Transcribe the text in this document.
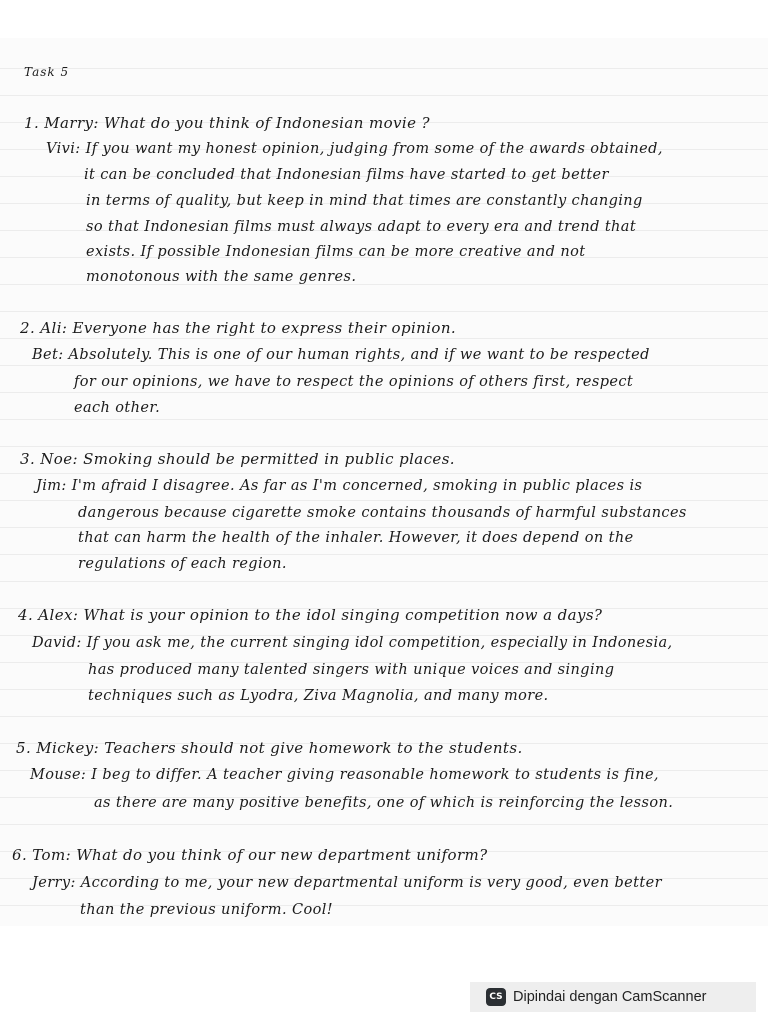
Task 5
1. Marry: What do you think of Indonesian movie ?
Vivi: If you want my honest opinion, judging from some of the awards obtained,
it can be concluded that Indonesian films have started to get better
in terms of quality, but keep in mind that times are constantly changing
so that Indonesian films must always adapt to every era and trend that
exists. If possible Indonesian films can be more creative and not
monotonous with the same genres.
2. Ali: Everyone has the right to express their opinion.
Bet: Absolutely. This is one of our human rights, and if we want to be respected
for our opinions, we have to respect the opinions of others first, respect
each other.
3. Noe: Smoking should be permitted in public places.
Jim: I'm afraid I disagree. As far as I'm concerned, smoking in public places is
dangerous because cigarette smoke contains thousands of harmful substances
that can harm the health of the inhaler. However, it does depend on the
regulations of each region.
4. Alex: What is your opinion to the idol singing competition now a days?
David: If you ask me, the current singing idol competition, especially in Indonesia,
has produced many talented singers with unique voices and singing
techniques such as Lyodra, Ziva Magnolia, and many more.
5. Mickey: Teachers should not give homework to the students.
Mouse: I beg to differ. A teacher giving reasonable homework to students is fine,
as there are many positive benefits, one of which is reinforcing the lesson.
6. Tom: What do you think of our new department uniform?
Jerry: According to me, your new departmental uniform is very good, even better
than the previous uniform. Cool!
CS Dipindai dengan CamScanner
